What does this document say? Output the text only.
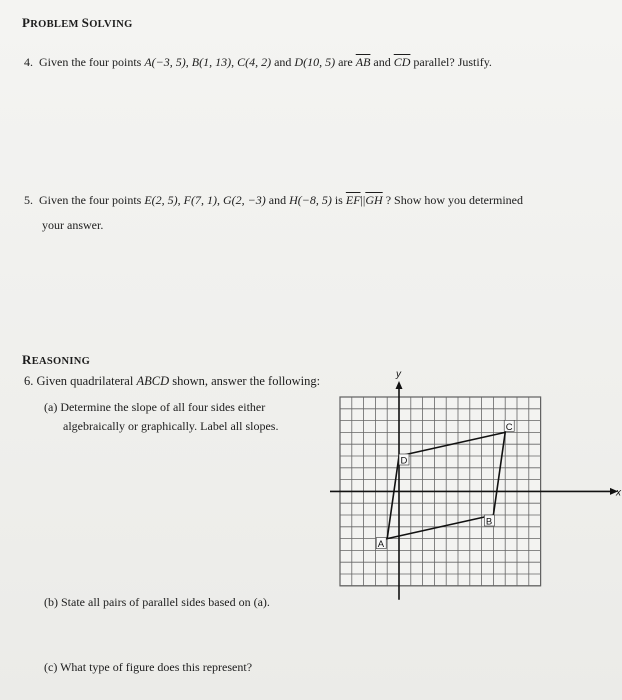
PROBLEM SOLVING
4. Given the four points A(−3, 5), B(1, 13), C(4, 2) and D(10, 5) are $\overline{AB}$ and $\overline{CD}$ parallel? Justify.
5. Given the four points E(2, 5), F(7, 1), G(2, −3) and H(−8, 5) is $\overline{EF}||\overline{GH}$ ? Show how you determined
your answer.
REASONING
6. Given quadrilateral ABCD shown, answer the following:
(a) Determine the slope of all four sides either
algebraically or graphically. Label all slopes.
(b) State all pairs of parallel sides based on (a).
(c) What type of figure does this represent?
x
y
A
B
C
D
